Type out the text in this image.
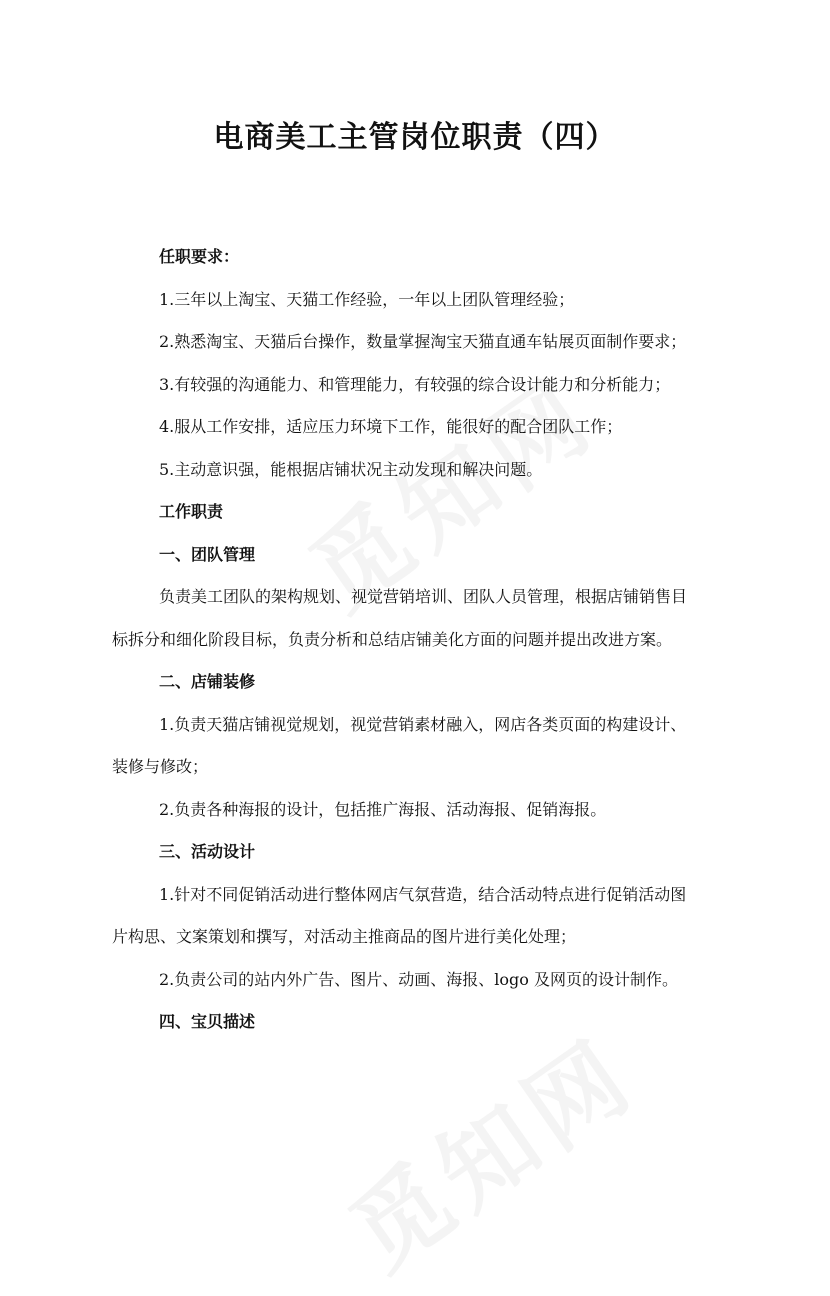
电商美工主管岗位职责（四）

任职要求：

1.三年以上淘宝、天猫工作经验，一年以上团队管理经验；

2.熟悉淘宝、天猫后台操作，数量掌握淘宝天猫直通车钻展页面制作要求；

3.有较强的沟通能力、和管理能力，有较强的综合设计能力和分析能力；

4.服从工作安排，适应压力环境下工作，能很好的配合团队工作；

5.主动意识强，能根据店铺状况主动发现和解决问题。

工作职责

一、团队管理

负责美工团队的架构规划、视觉营销培训、团队人员管理，根据店铺销售目

标拆分和细化阶段目标，负责分析和总结店铺美化方面的问题并提出改进方案。

二、店铺装修

1.负责天猫店铺视觉规划，视觉营销素材融入，网店各类页面的构建设计、

装修与修改；

2.负责各种海报的设计，包括推广海报、活动海报、促销海报。

三、活动设计

1.针对不同促销活动进行整体网店气氛营造，结合活动特点进行促销活动图

片构思、文案策划和撰写，对活动主推商品的图片进行美化处理；

2.负责公司的站内外广告、图片、动画、海报、logo 及网页的设计制作。

四、宝贝描述
